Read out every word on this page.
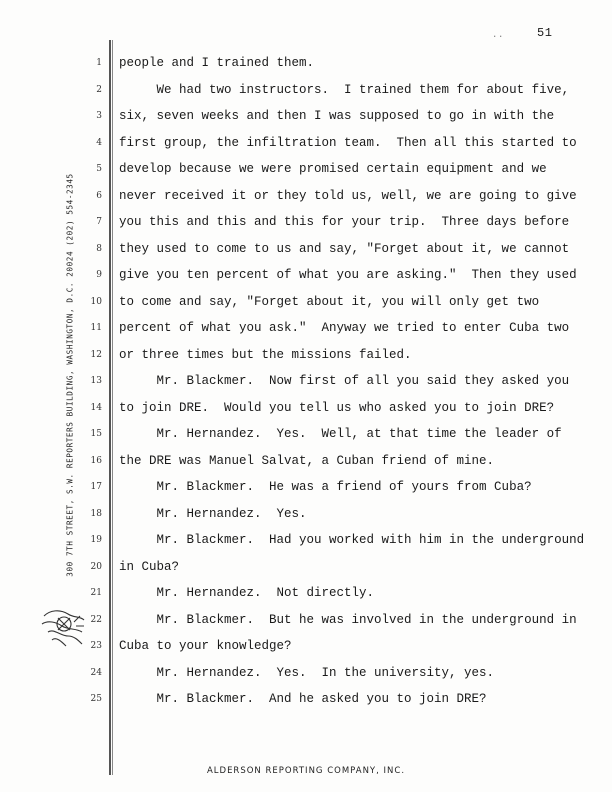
51
300 7TH STREET, S.W. REPORTERS BUILDING, WASHINGTON, D.C. 20024 (202) 554-2345
1
2
3
4
5
6
7
8
9
10
11
12
13
14
15
16
17
18
19
20
21
22
23
24
25
people and I trained them.
We had two instructors.  I trained them for about five,
six, seven weeks and then I was supposed to go in with the
first group, the infiltration team.  Then all this started to
develop because we were promised certain equipment and we
never received it or they told us, well, we are going to give
you this and this and this for your trip.  Three days before
they used to come to us and say, "Forget about it, we cannot
give you ten percent of what you are asking."  Then they used
to come and say, "Forget about it, you will only get two
percent of what you ask."  Anyway we tried to enter Cuba two
or three times but the missions failed.
Mr. Blackmer.  Now first of all you said they asked you
to join DRE.  Would you tell us who asked you to join DRE?
Mr. Hernandez.  Yes.  Well, at that time the leader of
the DRE was Manuel Salvat, a Cuban friend of mine.
Mr. Blackmer.  He was a friend of yours from Cuba?
Mr. Hernandez.  Yes.
Mr. Blackmer.  Had you worked with him in the underground
in Cuba?
Mr. Hernandez.  Not directly.
Mr. Blackmer.  But he was involved in the underground in
Cuba to your knowledge?
Mr. Hernandez.  Yes.  In the university, yes.
Mr. Blackmer.  And he asked you to join DRE?
. .
ALDERSON REPORTING COMPANY, INC.
